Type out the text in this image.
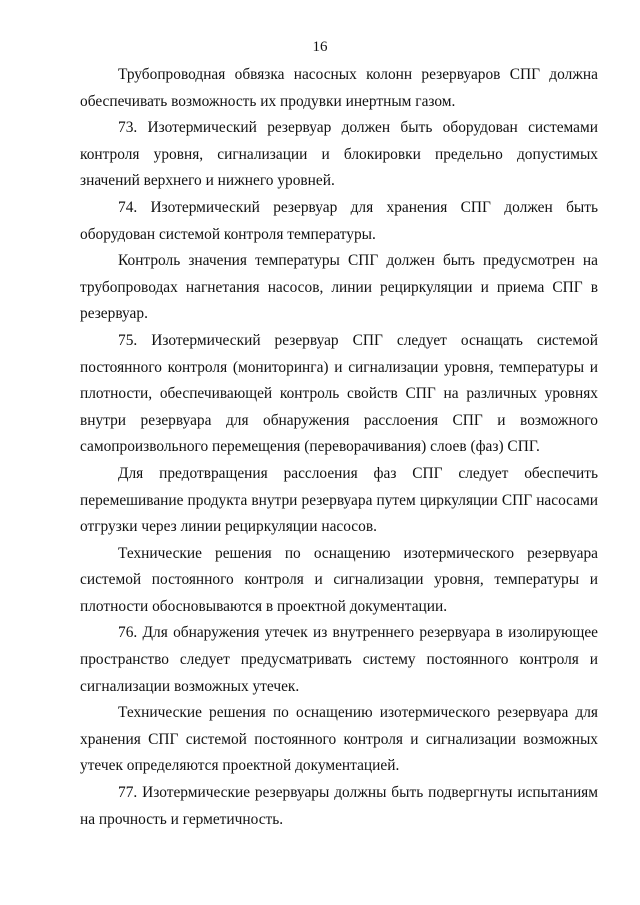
16

Трубопроводная обвязка насосных колонн резервуаров СПГ должна обеспечивать возможность их продувки инертным газом.

73. Изотермический резервуар должен быть оборудован системами контроля уровня, сигнализации и блокировки предельно допустимых значений верхнего и нижнего уровней.

74. Изотермический резервуар для хранения СПГ должен быть оборудован системой контроля температуры.

Контроль значения температуры СПГ должен быть предусмотрен на трубопроводах нагнетания насосов, линии рециркуляции и приема СПГ в резервуар.

75. Изотермический резервуар СПГ следует оснащать системой постоянного контроля (мониторинга) и сигнализации уровня, температуры и плотности, обеспечивающей контроль свойств СПГ на различных уровнях внутри резервуара для обнаружения расслоения СПГ и возможного самопроизвольного перемещения (переворачивания) слоев (фаз) СПГ.

Для предотвращения расслоения фаз СПГ следует обеспечить перемешивание продукта внутри резервуара путем циркуляции СПГ насосами отгрузки через линии рециркуляции насосов.

Технические решения по оснащению изотермического резервуара системой постоянного контроля и сигнализации уровня, температуры и плотности обосновываются в проектной документации.

76. Для обнаружения утечек из внутреннего резервуара в изолирующее пространство следует предусматривать систему постоянного контроля и сигнализации возможных утечек.

Технические решения по оснащению изотермического резервуара для хранения СПГ системой постоянного контроля и сигнализации возможных утечек определяются проектной документацией.

77. Изотермические резервуары должны быть подвергнуты испытаниям на прочность и герметичность.
